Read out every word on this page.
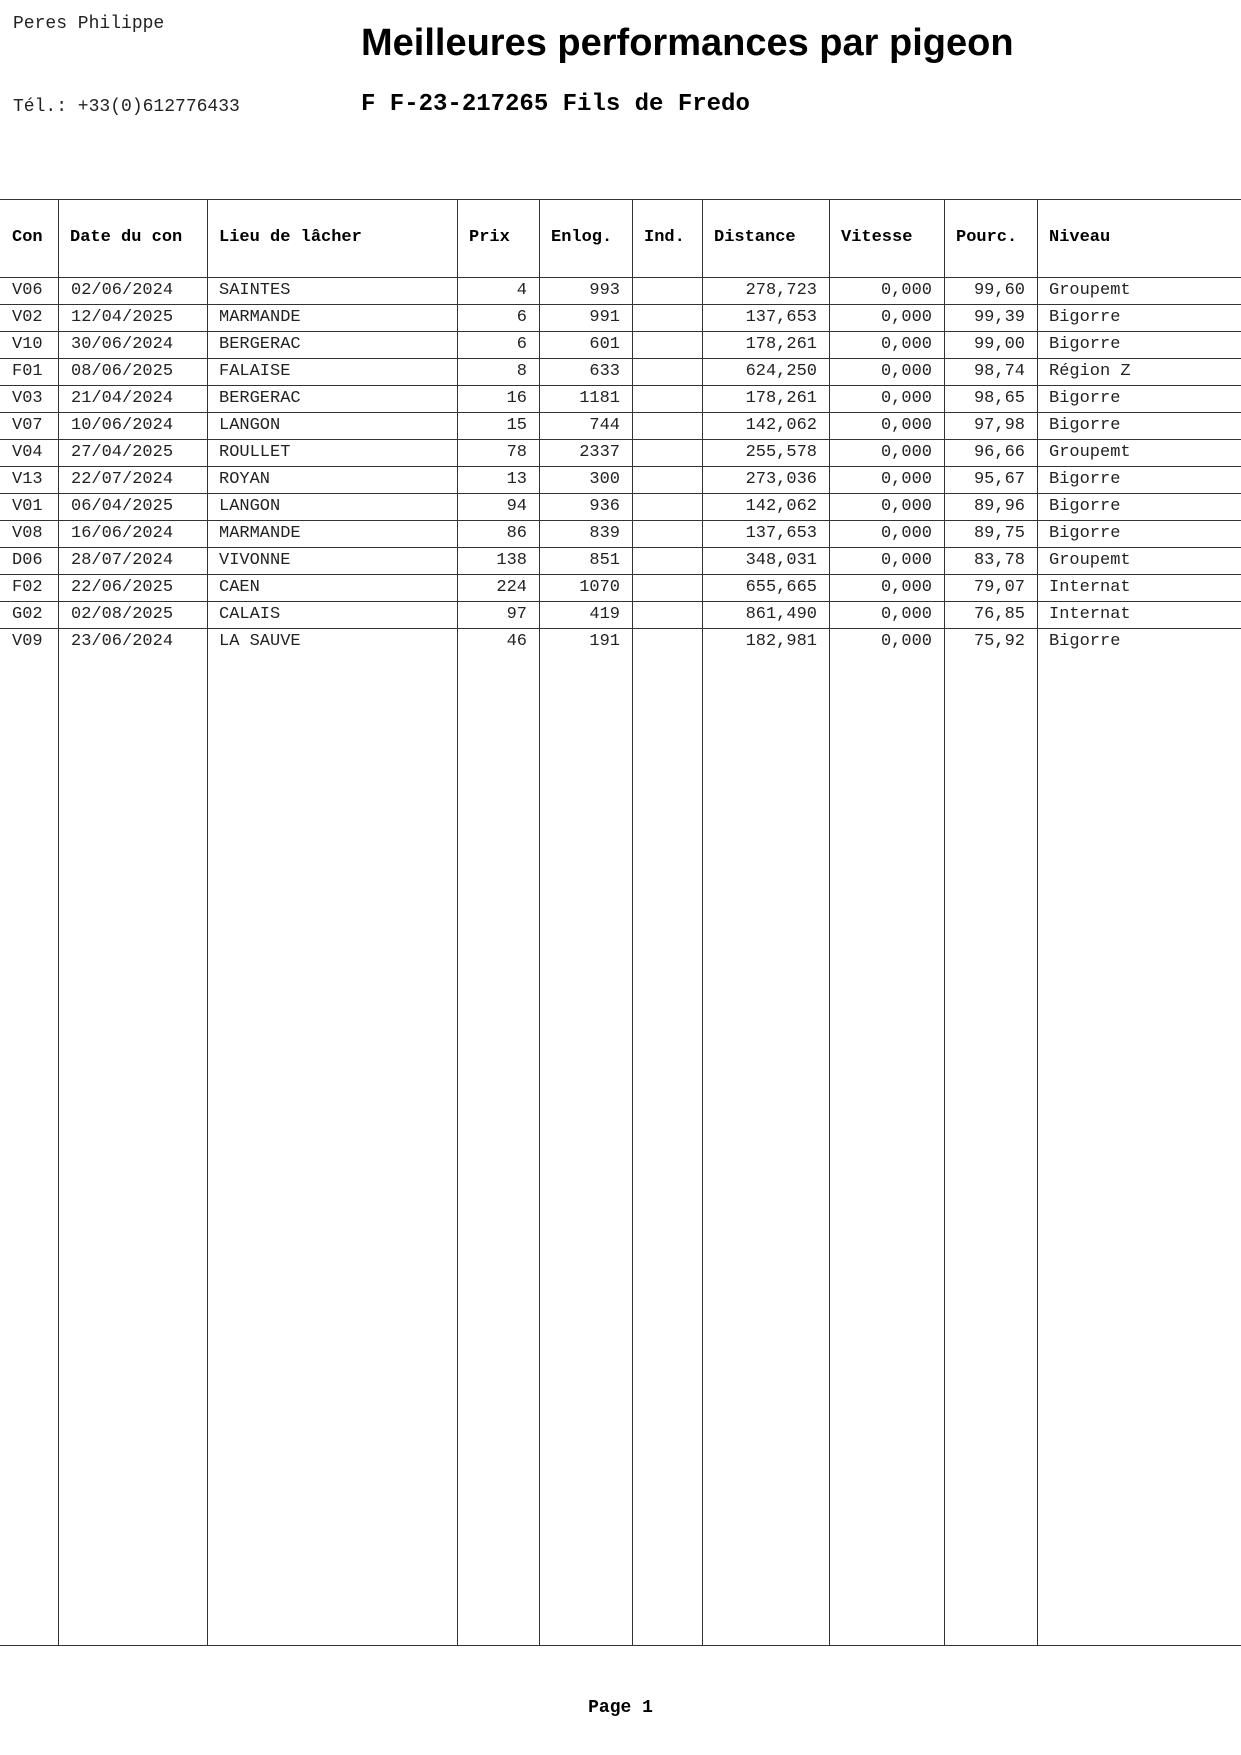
Peres Philippe
Tél.: +33(0)612776433
Meilleures performances par pigeon
F F-23-217265 Fils de Fredo
Con	Date du con	Lieu de lâcher	Prix	Enlog.	Ind.	Distance	Vitesse	Pourc.	Niveau
V06	02/06/2024	SAINTES	4	993		278,723	0,000	99,60	Groupemt
V02	12/04/2025	MARMANDE	6	991		137,653	0,000	99,39	Bigorre
V10	30/06/2024	BERGERAC	6	601		178,261	0,000	99,00	Bigorre
F01	08/06/2025	FALAISE	8	633		624,250	0,000	98,74	Région Z
V03	21/04/2024	BERGERAC	16	1181		178,261	0,000	98,65	Bigorre
V07	10/06/2024	LANGON	15	744		142,062	0,000	97,98	Bigorre
V04	27/04/2025	ROULLET	78	2337		255,578	0,000	96,66	Groupemt
V13	22/07/2024	ROYAN	13	300		273,036	0,000	95,67	Bigorre
V01	06/04/2025	LANGON	94	936		142,062	0,000	89,96	Bigorre
V08	16/06/2024	MARMANDE	86	839		137,653	0,000	89,75	Bigorre
D06	28/07/2024	VIVONNE	138	851		348,031	0,000	83,78	Groupemt
F02	22/06/2025	CAEN	224	1070		655,665	0,000	79,07	Internat
G02	02/08/2025	CALAIS	97	419		861,490	0,000	76,85	Internat
V09	23/06/2024	LA SAUVE	46	191		182,981	0,000	75,92	Bigorre
Page 1
